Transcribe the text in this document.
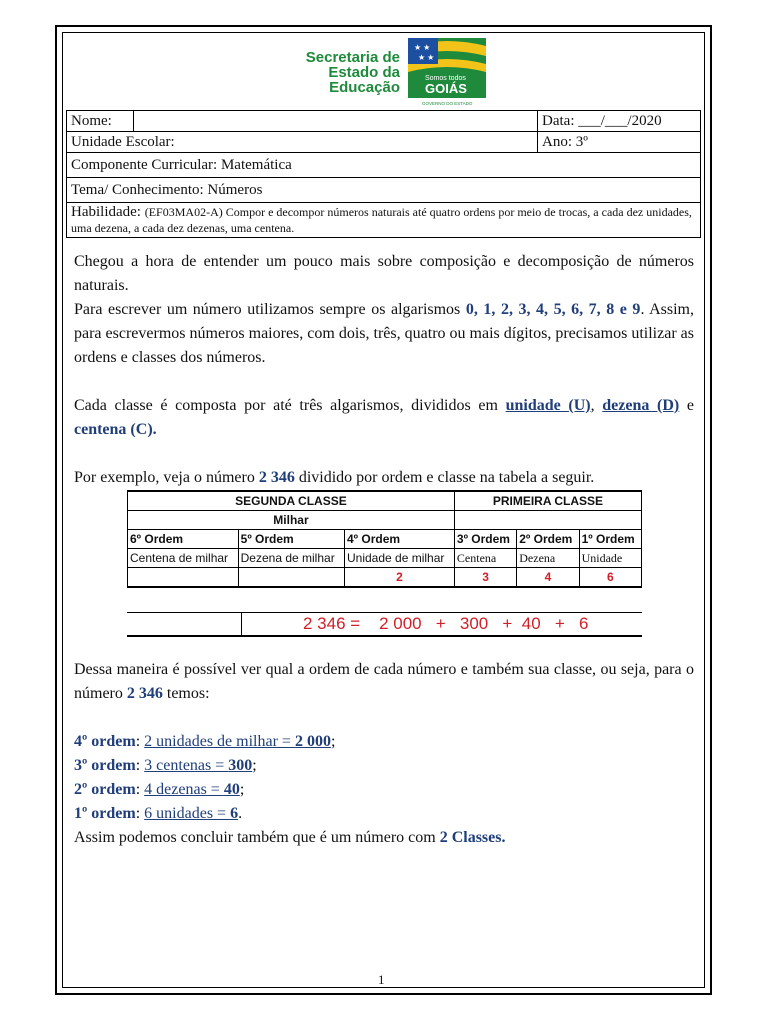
Secretaria de
Estado da
Educação
★ ★
★ ★
Somos todos
GOIÁS
GOVERNO DO ESTADO
Nome:		Data: ___/___/2020
Unidade Escolar:		Ano: 3º
Componente Curricular: Matemática		
Tema/ Conhecimento: Números		
Habilidade: (EF03MA02-A) Compor e decompor números naturais até quatro ordens por meio de trocas, a cada dez unidades, uma dezena, a cada dez dezenas, uma centena.		

Chegou a hora de entender um pouco mais sobre composição e decomposição de números naturais.

Para escrever um número utilizamos sempre os algarismos 0, 1, 2, 3, 4, 5, 6, 7, 8 e 9. Assim, para escrevermos números maiores, com dois, três, quatro ou mais dígitos, precisamos utilizar as ordens e classes dos números.

Cada classe é composta por até três algarismos, divididos em unidade (U), dezena (D) e centena (C).

Por exemplo, veja o número 2 346 dividido por ordem e classe na tabela a seguir.

Dessa maneira é possível ver qual a ordem de cada número e também sua classe, ou seja, para o número 2 346 temos:

4º ordem: 2 unidades de milhar = 2 000;

3º ordem: 3 centenas = 300;

2º ordem: 4 dezenas = 40;

1º ordem: 6 unidades = 6.

Assim podemos concluir também que é um número com 2 Classes.

SEGUNDA CLASSE			PRIMEIRA CLASSE		
Milhar					
6º Ordem	5º Ordem	4º Ordem	3º Ordem	2º Ordem	1º Ordem
Centena de milhar	Dezena de milhar	Unidade de milhar	Centena	Dezena	Unidade
		2	3	4	6
2 346 =    2 000   +   300   +  40   +   6
1
